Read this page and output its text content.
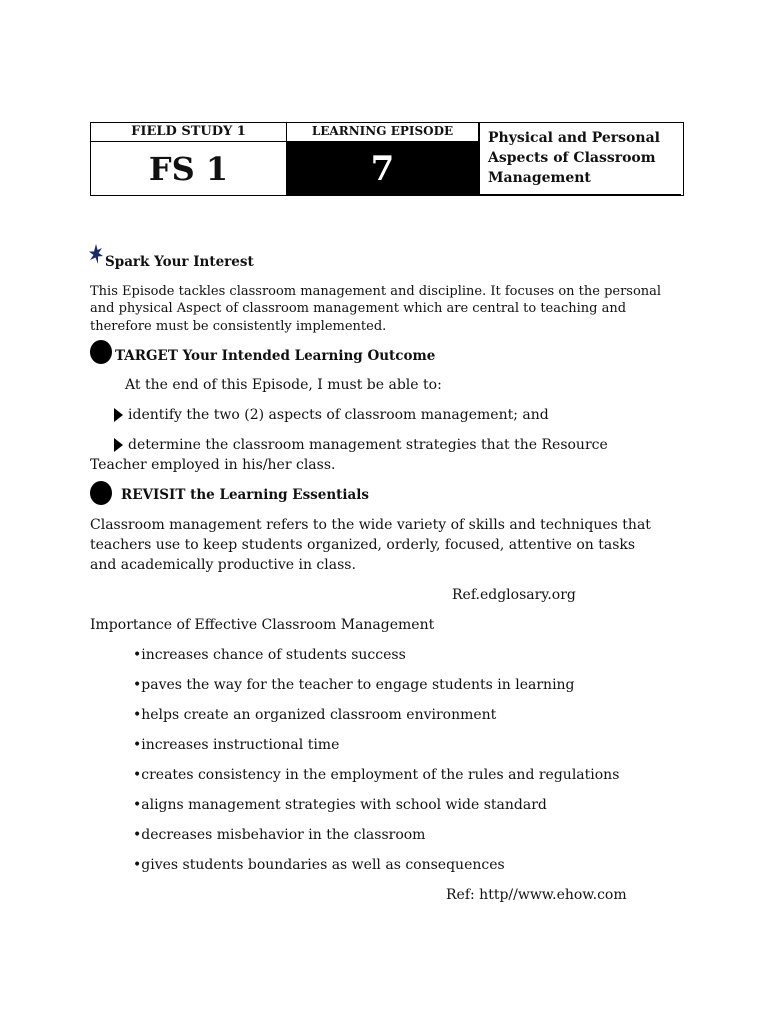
FIELD STUDY 1	LEARNING EPISODE
FS 1	7
Physical and Personal
Aspects of Classroom
Management
Spark Your Interest
This Episode tackles classroom management and discipline. It focuses on the personal
and physical Aspect of classroom management which are central to teaching and
therefore must be consistently implemented.
TARGET Your Intended Learning Outcome
At the end of this Episode, I must be able to:
identify the two (2) aspects of classroom management; and
determine the classroom management strategies that the Resource
Teacher employed in his/her class.
REVISIT the Learning Essentials
Classroom management refers to the wide variety of skills and techniques that
teachers use to keep students organized, orderly, focused, attentive on tasks
and academically productive in class.
Ref.edglosary.org
Importance of Effective Classroom Management
•increases chance of students success
•paves the way for the teacher to engage students in learning
•helps create an organized classroom environment
•increases instructional time
•creates consistency in the employment of the rules and regulations
•aligns management strategies with school wide standard
•decreases misbehavior in the classroom
•gives students boundaries as well as consequences
Ref: http//www.ehow.com
